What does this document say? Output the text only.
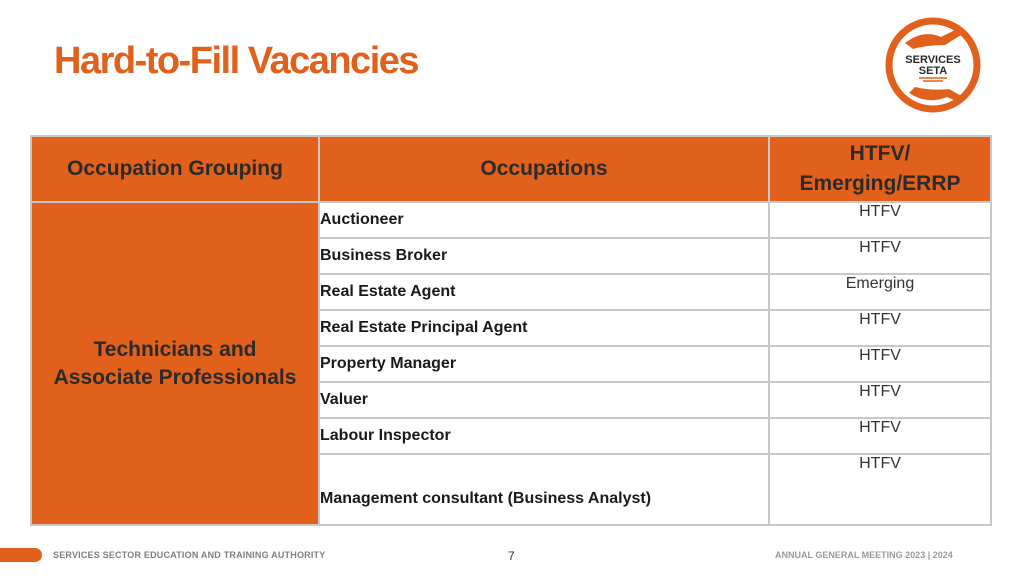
Hard-to-Fill Vacancies	SERVICES
SETA
Occupation Grouping	Occupations	HTFV/
Emerging/ERRP

Technicians and
Associate Professionals	Auctioneer	HTFV
	Business Broker	HTFV
	Real Estate Agent	Emerging
	Real Estate Principal Agent	HTFV
	Property Manager	HTFV
	Valuer	HTFV
	Labour Inspector	HTFV
	Management consultant (Business Analyst)	HTFV
SERVICES SECTOR EDUCATION AND TRAINING AUTHORITY	7	ANNUAL GENERAL MEETING 2023 | 2024
